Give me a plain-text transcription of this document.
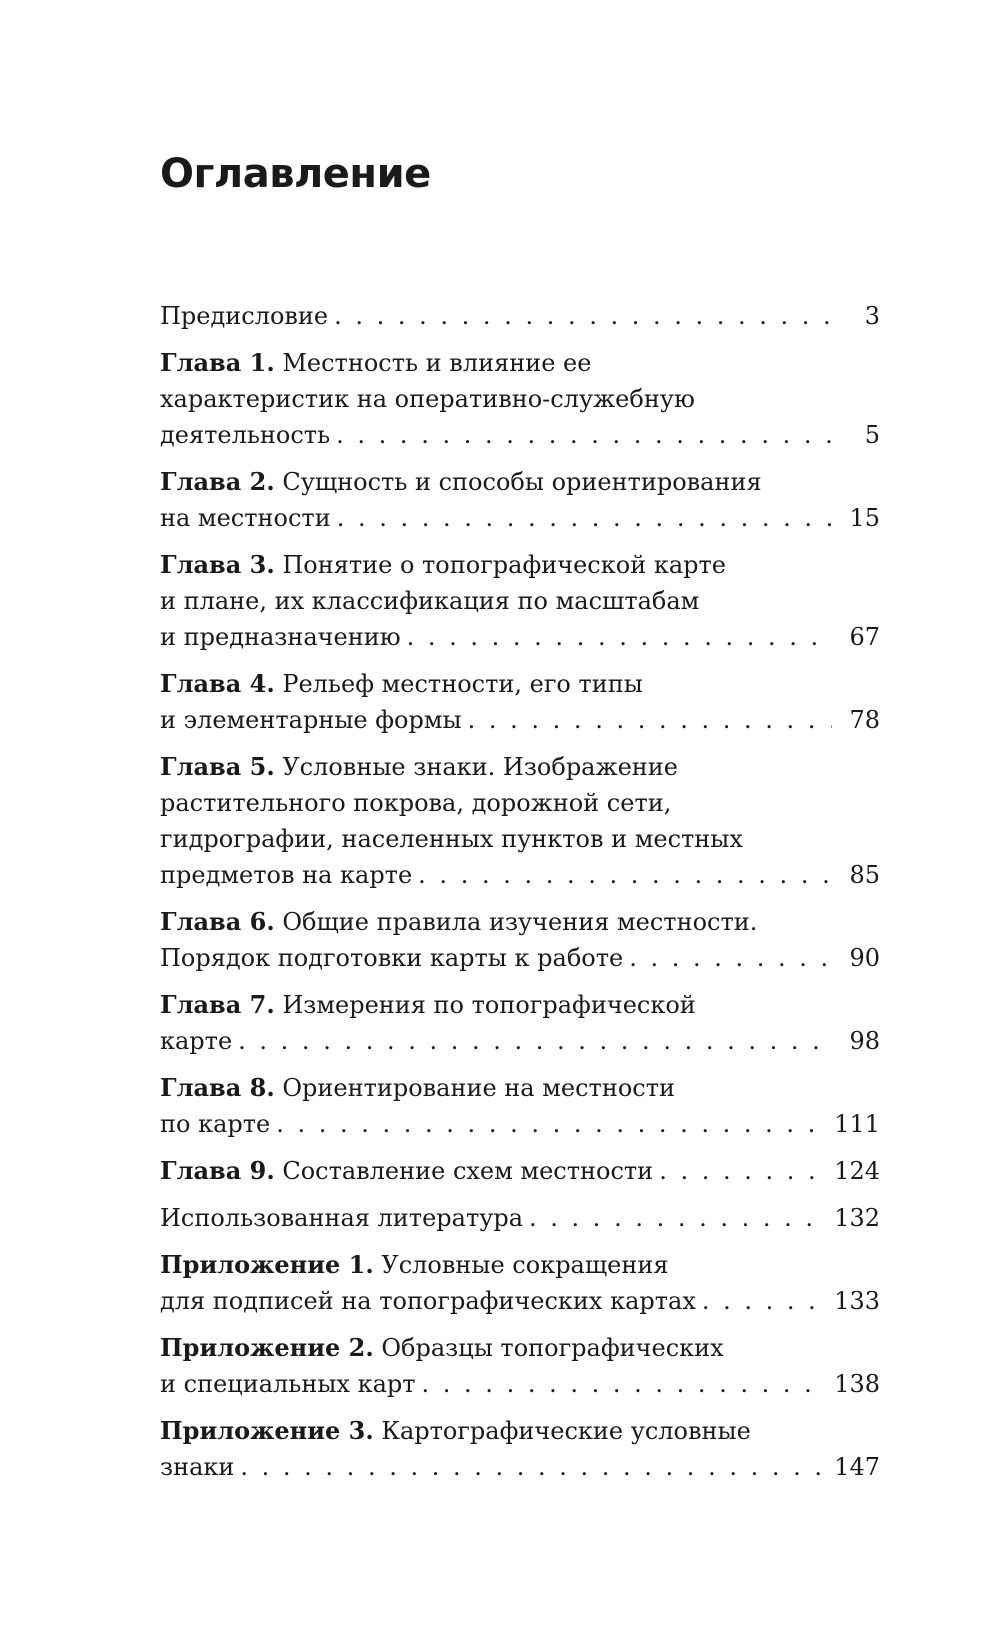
Оглавление
Предисловие . . .	3
Глава 1. Местность и влияние ее
характеристик на оперативно-служебную
деятельность . . .	5
Глава 2. Сущность и способы ориентирования
на местности . . .	15
Глава 3. Понятие о топографической карте
и плане, их классификация по масштабам
и предназначению . . .	67
Глава 4. Рельеф местности, его типы
и элементарные формы . . .	78
Глава 5. Условные знаки. Изображение
растительного покрова, дорожной сети,
гидрографии, населенных пунктов и местных
предметов на карте . . .	85
Глава 6. Общие правила изучения местности.
Порядок подготовки карты к работе . . .	90
Глава 7. Измерения по топографической
карте . . .	98
Глава 8. Ориентирование на местности
по карте . . .	111
Глава 9. Составление схем местности . . .	124
Использованная литература . . .	132
Приложение 1. Условные сокращения
для подписей на топографических картах . . .	133
Приложение 2. Образцы топографических
и специальных карт . . .	138
Приложение 3. Картографические условные
знаки . . .	147
